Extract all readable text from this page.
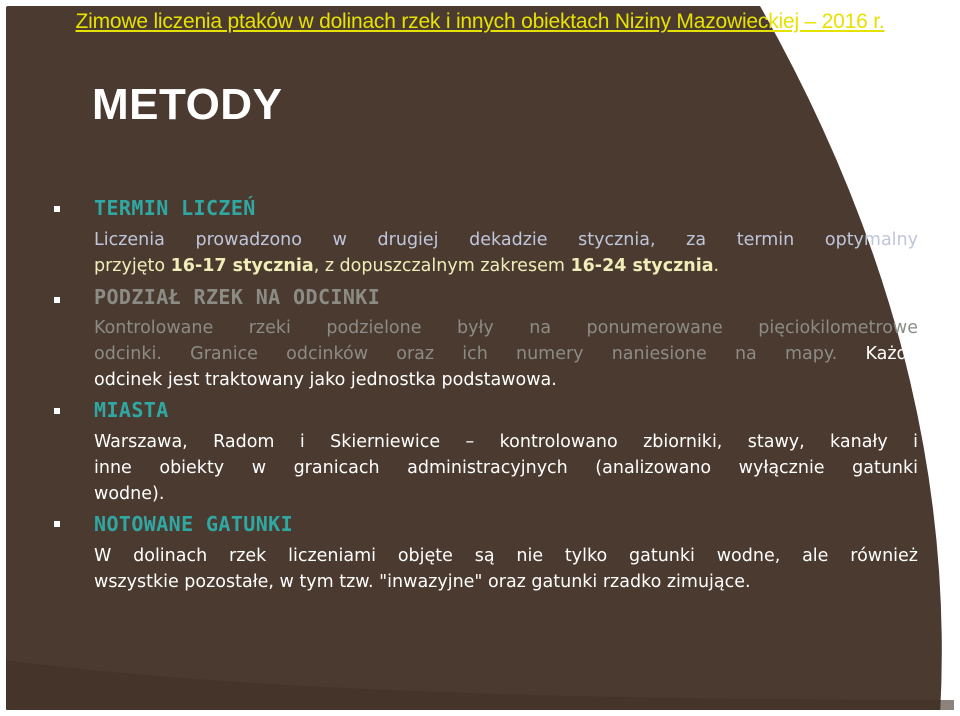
Zimowe liczenia ptaków w dolinach rzek i innych obiektach Niziny Mazowieckiej – 2016 r.
METODY
TERMIN LICZEŃ
Liczenia prowadzono w drugiej dekadzie stycznia, za termin optymalny
przyjęto 16-17 stycznia, z dopuszczalnym zakresem 16-24 stycznia.
PODZIAŁ RZEK NA ODCINKI
Kontrolowane rzeki podzielone były na ponumerowane pięciokilometrowe
odcinki. Granice odcinków oraz ich numery naniesione na mapy. Każdy
odcinek jest traktowany jako jednostka podstawowa.
MIASTA
Warszawa, Radom i Skierniewice – kontrolowano zbiorniki, stawy, kanały i
inne obiekty w granicach administracyjnych (analizowano wyłącznie gatunki
wodne).
NOTOWANE GATUNKI
W dolinach rzek liczeniami objęte są nie tylko gatunki wodne, ale również
wszystkie pozostałe, w tym tzw. "inwazyjne" oraz gatunki rzadko zimujące.
